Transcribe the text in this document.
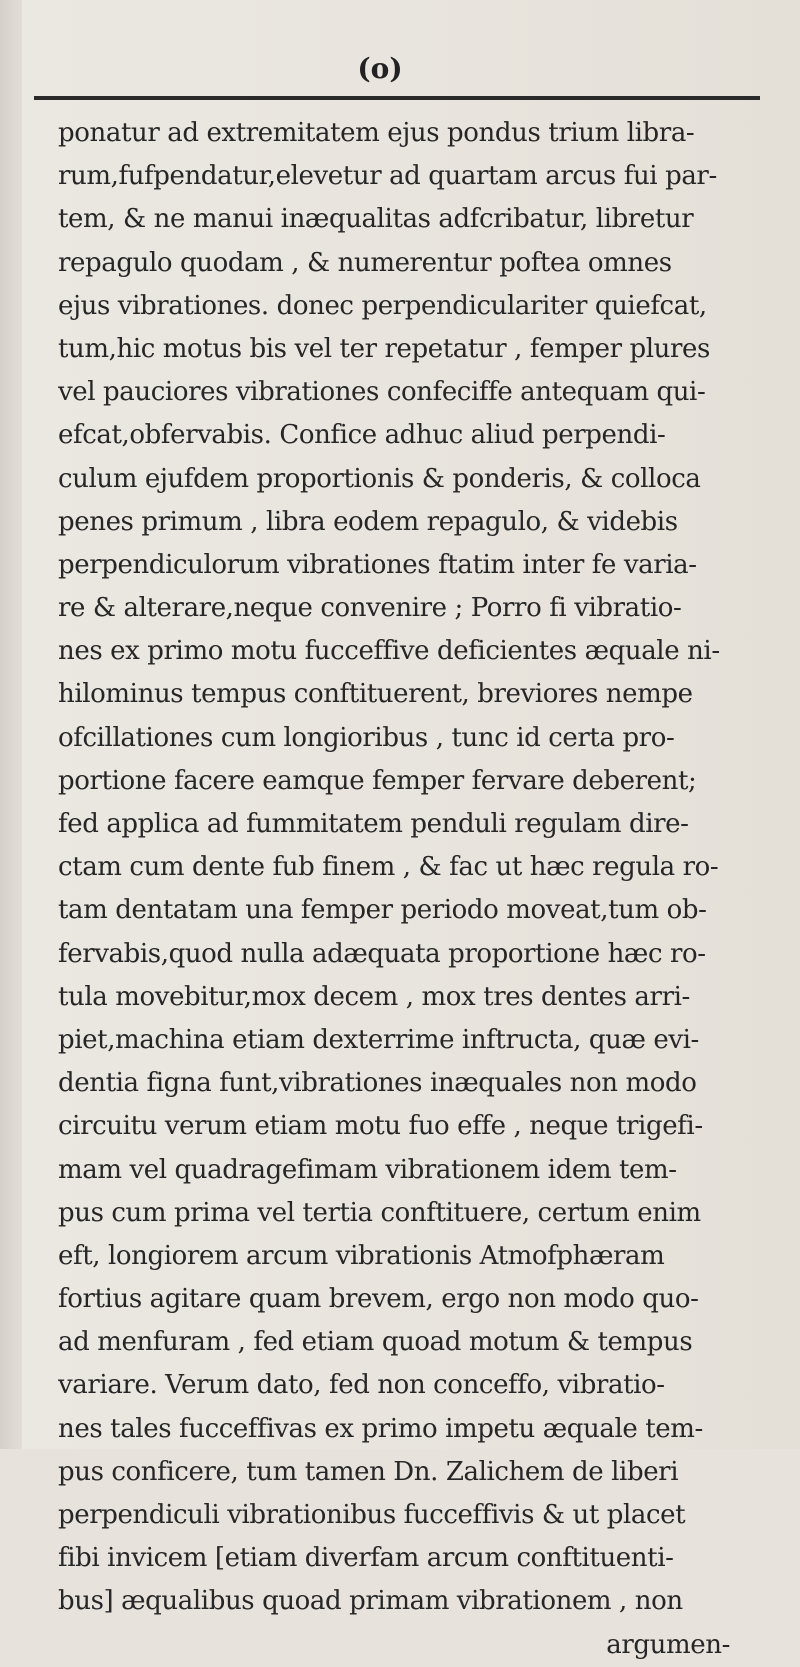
(o)
ponatur ad extremitatem ejus pondus trium libra-
rum,fufpendatur,elevetur ad quartam arcus fui par-
tem, & ne manui inæqualitas adfcribatur, libretur
repagulo quodam , & numerentur poftea omnes
ejus vibrationes. donec perpendiculariter quiefcat,
tum,hic motus bis vel ter repetatur , femper plures
vel pauciores vibrationes confeciffe antequam qui-
efcat,obfervabis. Confice adhuc aliud perpendi-
culum ejufdem proportionis & ponderis, & colloca
penes primum , libra eodem repagulo, & videbis
perpendiculorum vibrationes ftatim inter fe varia-
re & alterare,neque convenire ; Porro fi vibratio-
nes ex primo motu fucceffive deficientes æquale ni-
hilominus tempus conftituerent, breviores nempe
ofcillationes cum longioribus , tunc id certa pro-
portione facere eamque femper fervare deberent;
fed applica ad fummitatem penduli regulam dire-
ctam cum dente fub finem , & fac ut hæc regula ro-
tam dentatam una femper periodo moveat,tum ob-
fervabis,quod nulla adæquata proportione hæc ro-
tula movebitur,mox decem , mox tres dentes arri-
piet,machina etiam dexterrime inftructa, quæ evi-
dentia figna funt,vibrationes inæquales non modo
circuitu verum etiam motu fuo effe , neque trigefi-
mam vel quadragefimam vibrationem idem tem-
pus cum prima vel tertia conftituere, certum enim
eft, longiorem arcum vibrationis Atmofphæram
fortius agitare quam brevem, ergo non modo quo-
ad menfuram , fed etiam quoad motum & tempus
variare. Verum dato, fed non conceffo, vibratio-
nes tales fucceffivas ex primo impetu æquale tem-
pus conficere, tum tamen Dn. Zalichem de liberi
perpendiculi vibrationibus fucceffivis & ut placet
fibi invicem [etiam diverfam arcum conftituenti-
bus] æqualibus quoad primam vibrationem , non
argumen-
